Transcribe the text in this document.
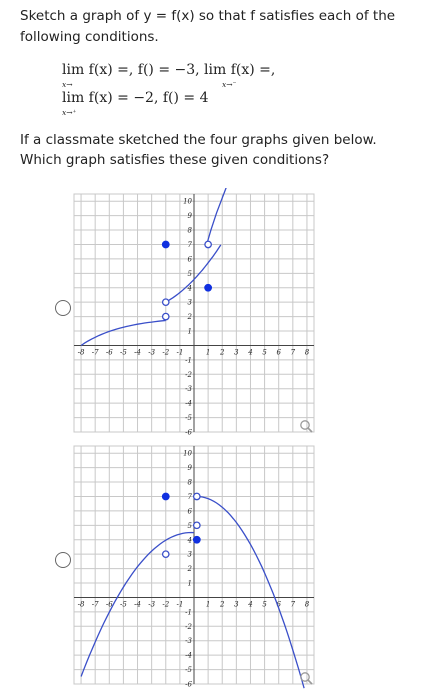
Sketch a graph of y = f(x) so that f satisfies each of the following conditions.
lim f(x) =, f() = −3, lim f(x) =,
x→	x→⁻
lim f(x) = −2, f() = 4
x→⁺
If a classmate sketched the four graphs given below. Which graph satisfies these given conditions?
-8 -7 -6 -5 -4 -3 -2 -1	1 2 3 4 5 6 7 8
10
9
8
7
6
5
4
3
2
1
-1
-2
-3
-4
-5
-6
-8 -7 -6 -5 -4 -3 -2 -1	1 2 3 4 5 6 7 8
10
9
8
7
6
5
4
3
2
1
-1
-2
-3
-4
-5
-6
